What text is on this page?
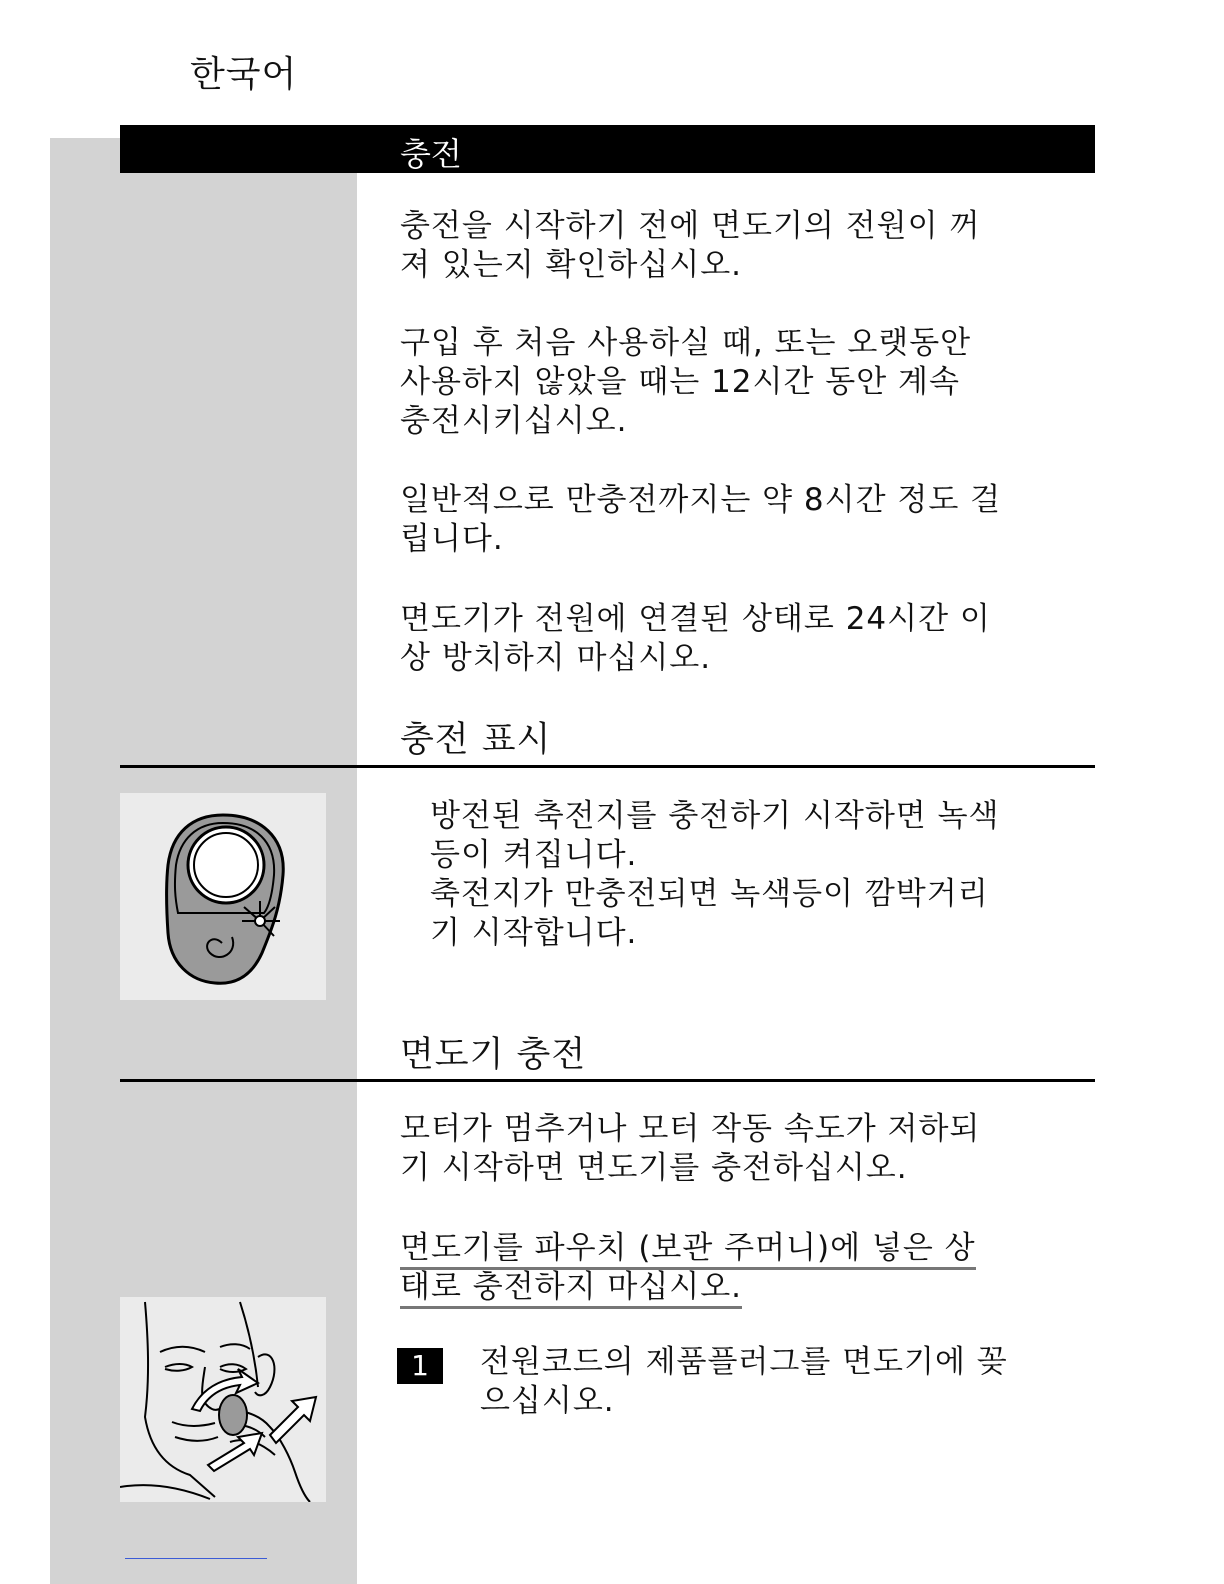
한국어
충전
충전을 시작하기 전에 면도기의 전원이 꺼
져 있는지 확인하십시오.
구입 후 처음 사용하실 때, 또는 오랫동안
사용하지 않았을 때는 12시간 동안 계속
충전시키십시오.
일반적으로 만충전까지는 약 8시간 정도 걸
립니다.
면도기가 전원에 연결된 상태로 24시간 이
상 방치하지 마십시오.
충전 표시
방전된 축전지를 충전하기 시작하면 녹색
등이 켜집니다.
축전지가 만충전되면 녹색등이 깜박거리
기 시작합니다.
면도기 충전
모터가 멈추거나 모터 작동 속도가 저하되
기 시작하면 면도기를 충전하십시오.
면도기를 파우치 (보관 주머니)에 넣은 상
태로 충전하지 마십시오.
1	전원코드의 제품플러그를 면도기에 꽂
으십시오.
